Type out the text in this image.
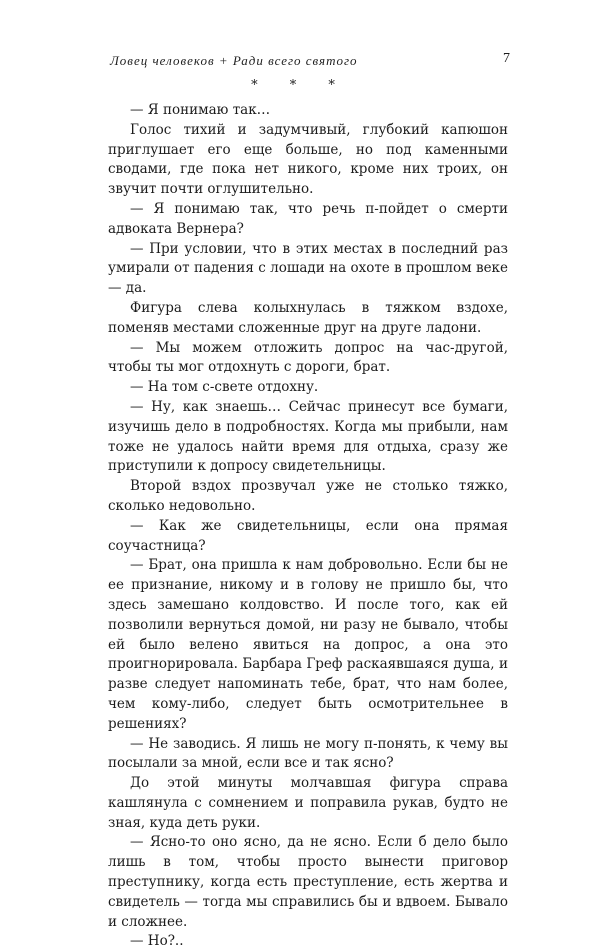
Ловец человеков + Ради всего святого	7
* * *

— Я понимаю так…

Голос тихий и задумчивый, глубокий капюшон приглушает его еще больше, но под каменными сводами, где пока нет никого, кроме них троих, он звучит почти оглушительно.

— Я понимаю так, что речь п-пойдет о смерти адвоката Вернера?

— При условии, что в этих местах в последний раз умирали от падения с лошади на охоте в прошлом веке — да.

Фигура слева колыхнулась в тяжком вздохе, поменяв местами сложенные друг на друге ладони.

— Мы можем отложить допрос на час-другой, чтобы ты мог отдохнуть с дороги, брат.

— На том с-свете отдохну.

— Ну, как знаешь… Сейчас принесут все бумаги, изучишь дело в подробностях. Когда мы прибыли, нам тоже не удалось найти время для отдыха, сразу же приступили к допросу свидетельницы.

Второй вздох прозвучал уже не столько тяжко, сколько недовольно.

— Как же свидетельницы, если она прямая соучастница?

— Брат, она пришла к нам добровольно. Если бы не ее признание, никому и в голову не пришло бы, что здесь замешано колдовство. И после того, как ей позволили вернуться домой, ни разу не бывало, чтобы ей было велено явиться на допрос, а она это проигнорировала. Барбара Греф раскаявшаяся душа, и разве следует напоминать тебе, брат, что нам более, чем кому-либо, следует быть осмотрительнее в решениях?

— Не заводись. Я лишь не могу п-понять, к чему вы посылали за мной, если все и так ясно?

До этой минуты молчавшая фигура справа кашлянула с сомнением и поправила рукав, будто не зная, куда деть руки.

— Ясно-то оно ясно, да не ясно. Если б дело было лишь в том, чтобы просто вынести приговор преступнику, когда есть преступление, есть жертва и свидетель — тогда мы справились бы и вдвоем. Бывало и сложнее.

— Но?..
